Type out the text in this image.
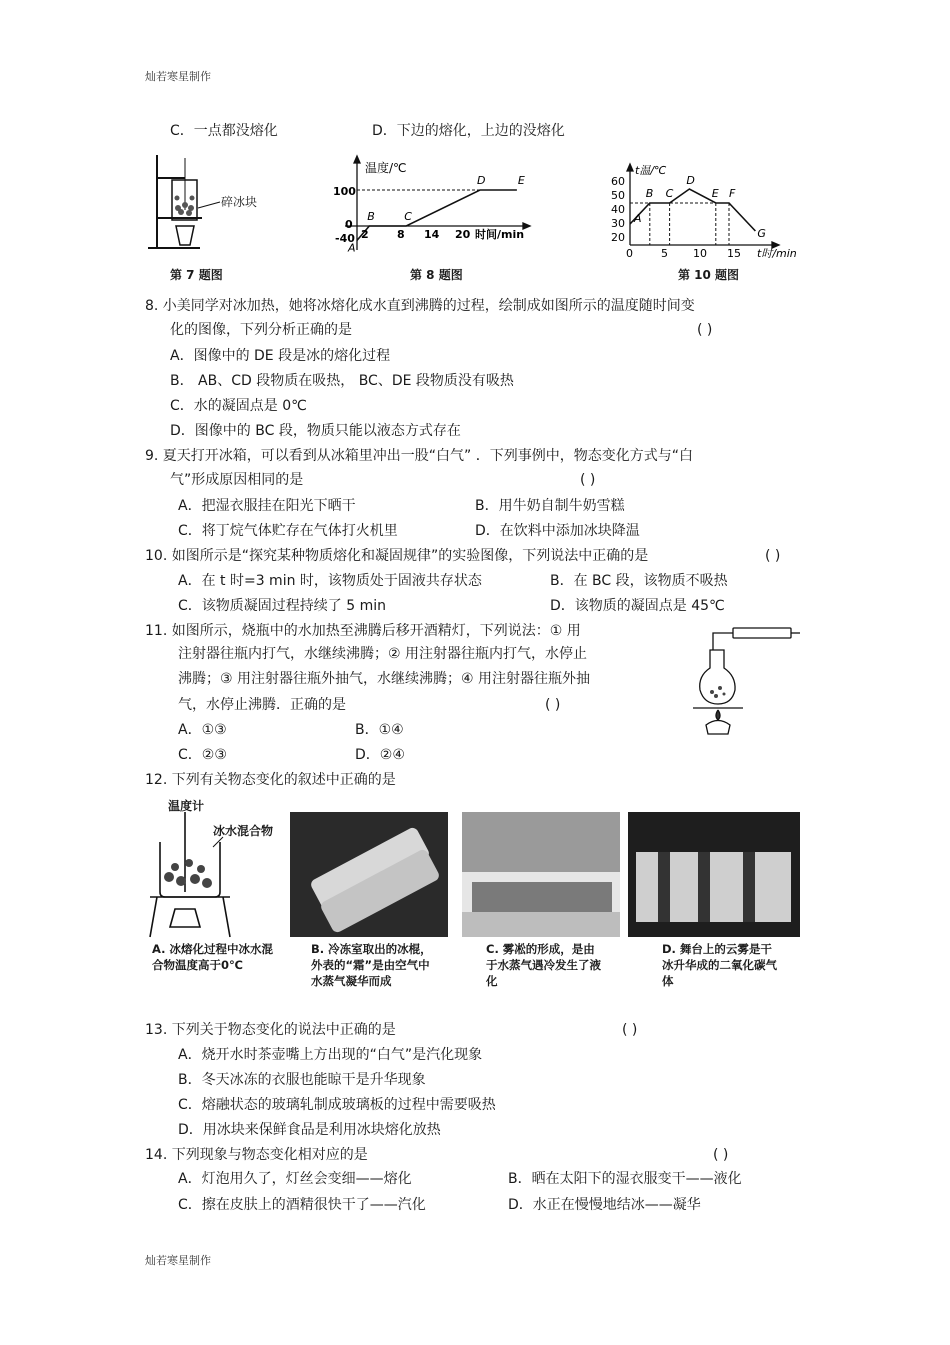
灿若寒星制作
灿若寒星制作
C．一点都没熔化	D．下边的熔化，上边的没熔化
碎冰块
第 7 题图
A
B	C
D	E
温度/℃
时间/min
100
0
-40 2	8 14 20
第 8 题图
A
B C
D
E F
G
t温/℃
t时/min
60
50
40
30
20
0	5 10 15
第 10 题图
8. 小美同学对冰加热，她将冰熔化成水直到沸腾的过程，绘制成如图所示的温度随时间变
化的图像，下列分析正确的是	( )
A．图像中的 DE 段是冰的熔化过程
B． AB、CD 段物质在吸热， BC、DE 段物质没有吸热
C．水的凝固点是 0℃
D．图像中的 BC 段，物质只能以液态方式存在
9. 夏天打开冰箱，可以看到从冰箱里冲出一股“白气” ．下列事例中，物态变化方式与“白
气”形成原因相同的是	( )
A．把湿衣服挂在阳光下晒干	B．用牛奶自制牛奶雪糕
C．将丁烷气体贮存在气体打火机里	D．在饮料中添加冰块降温
10. 如图所示是“探究某种物质熔化和凝固规律”的实验图像，下列说法中正确的是	( )
A．在 t 时=3 min 时，该物质处于固液共存状态	B．在 BC 段，该物质不吸热
C．该物质凝固过程持续了 5 min	D．该物质的凝固点是 45℃
11. 如图所示，烧瓶中的水加热至沸腾后移开酒精灯，下列说法：① 用
注射器往瓶内打气，水继续沸腾；② 用注射器往瓶内打气，水停止
沸腾；③ 用注射器往瓶外抽气，水继续沸腾；④ 用注射器往瓶外抽
气，水停止沸腾．正确的是	( )
A．①③	B．①④
C．②③	D．②④
12. 下列有关物态变化的叙述中正确的是
温度计
冰水混合物
A. 冰熔化过程中冰水混合物温度高于0℃
B. 冷冻室取出的冰棍，外表的“霜”是由空气中水蒸气凝华而成
C. 雾凇的形成，是由于水蒸气遇冷发生了液化
D. 舞台上的云雾是干冰升华成的二氧化碳气体
13. 下列关于物态变化的说法中正确的是	( )
A．烧开水时茶壶嘴上方出现的“白气”是汽化现象
B．冬天冰冻的衣服也能晾干是升华现象
C．熔融状态的玻璃轧制成玻璃板的过程中需要吸热
D．用冰块来保鲜食品是利用冰块熔化放热
14. 下列现象与物态变化相对应的是	( )
A．灯泡用久了，灯丝会变细——熔化	B．晒在太阳下的湿衣服变干——液化
C．擦在皮肤上的酒精很快干了——汽化	D．水正在慢慢地结冰——凝华
